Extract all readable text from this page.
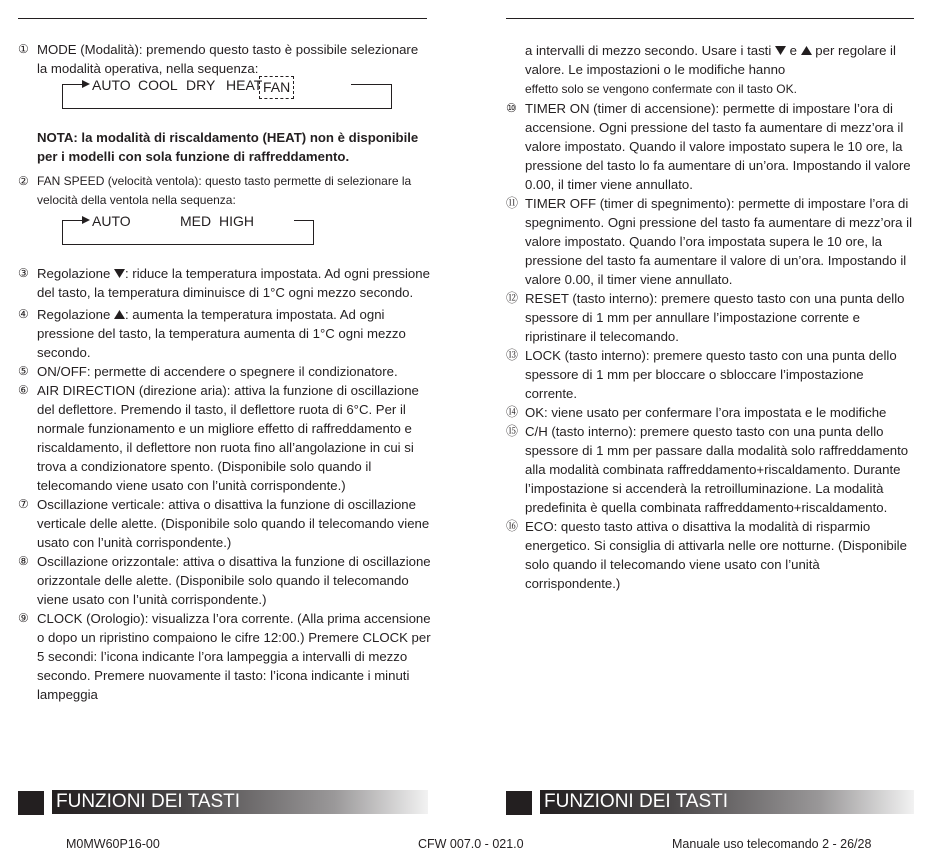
① MODE (Modalità): premendo questo tasto è possibile selezionare la modalità operativa, nella sequenza:

AUTO COOL DRY HEAT FAN

NOTA: la modalità di riscaldamento (HEAT) non è disponibile per i modelli con sola funzione di raffreddamento.

② FAN SPEED (velocità ventola): questo tasto permette di selezionare la velocità della ventola nella sequenza:

AUTO	MED HIGH

③ Regolazione : riduce la temperatura impostata. Ad ogni pressione del tasto, la temperatura diminuisce di 1°C ogni mezzo secondo.

④ Regolazione : aumenta la temperatura impostata. Ad ogni pressione del tasto, la temperatura aumenta di 1°C ogni mezzo secondo.

⑤ ON/OFF: permette di accendere o spegnere il condizionatore.

⑥ AIR DIRECTION (direzione aria): attiva la funzione di oscillazione del deflettore. Premendo il tasto, il deflettore ruota di 6°C. Per il normale funzionamento e un migliore effetto di raffreddamento e riscaldamento, il deflettore non ruota fino all’angolazione in cui si trova a condizionatore spento. (Disponibile solo quando il telecomando viene usato con l’unità corrispondente.)

⑦ Oscillazione verticale: attiva o disattiva la funzione di oscillazione verticale delle alette. (Disponibile solo quando il telecomando viene usato con l’unità corrispondente.)

⑧ Oscillazione orizzontale: attiva o disattiva la funzione di oscillazione orizzontale delle alette. (Disponibile solo quando il telecomando viene usato con l’unità corrispondente.)

⑨ CLOCK (Orologio): visualizza l’ora corrente. (Alla prima accensione o dopo un ripristino compaiono le cifre 12:00.) Premere CLOCK per 5 secondi: l’icona indicante l’ora lampeggia a intervalli di mezzo secondo. Premere nuovamente il tasto: l’icona indicante i minuti lampeggia

a intervalli di mezzo secondo. Usare i tasti  e  per regolare il valore. Le impostazioni o le modifiche hanno
effetto solo se vengono confermate con il tasto OK.

⑩ TIMER ON (timer di accensione): permette di impostare l’ora di accensione. Ogni pressione del tasto fa aumentare di mezz’ora il valore impostato. Quando il valore impostato supera le 10 ore, la pressione del tasto lo fa aumentare di un’ora. Impostando il valore 0.00, il timer viene annullato.

⑪ TIMER OFF (timer di spegnimento): permette di impostare l’ora di spegnimento. Ogni pressione del tasto fa aumentare di mezz’ora il valore impostato. Quando l’ora impostata supera le 10 ore, la pressione del tasto fa aumentare il valore di un’ora. Impostando il valore 0.00, il timer viene annullato.

⑫ RESET (tasto interno): premere questo tasto con una punta dello spessore di 1 mm per annullare l’impostazione corrente e ripristinare il telecomando.

⑬ LOCK (tasto interno): premere questo tasto con una punta dello spessore di 1 mm per bloccare o sbloccare l’impostazione corrente.

⑭ OK: viene usato per confermare l’ora impostata e le modifiche

⑮ C/H (tasto interno): premere questo tasto con una punta dello spessore di 1 mm per passare dalla modalità solo raffreddamento alla modalità combinata raffreddamento+riscaldamento. Durante l’impostazione si accenderà la retroilluminazione. La modalità predefinita è quella combinata raffreddamento+riscaldamento.

⑯ ECO: questo tasto attiva o disattiva la modalità di risparmio energetico. Si consiglia di attivarla nelle ore notturne. (Disponibile solo quando il telecomando viene usato con l’unità corrispondente.)

FUNZIONI DEI TASTI	FUNZIONI DEI TASTI
M0MW60P16-00	CFW 007.0 - 021.0	Manuale uso telecomando 2 - 26/28
